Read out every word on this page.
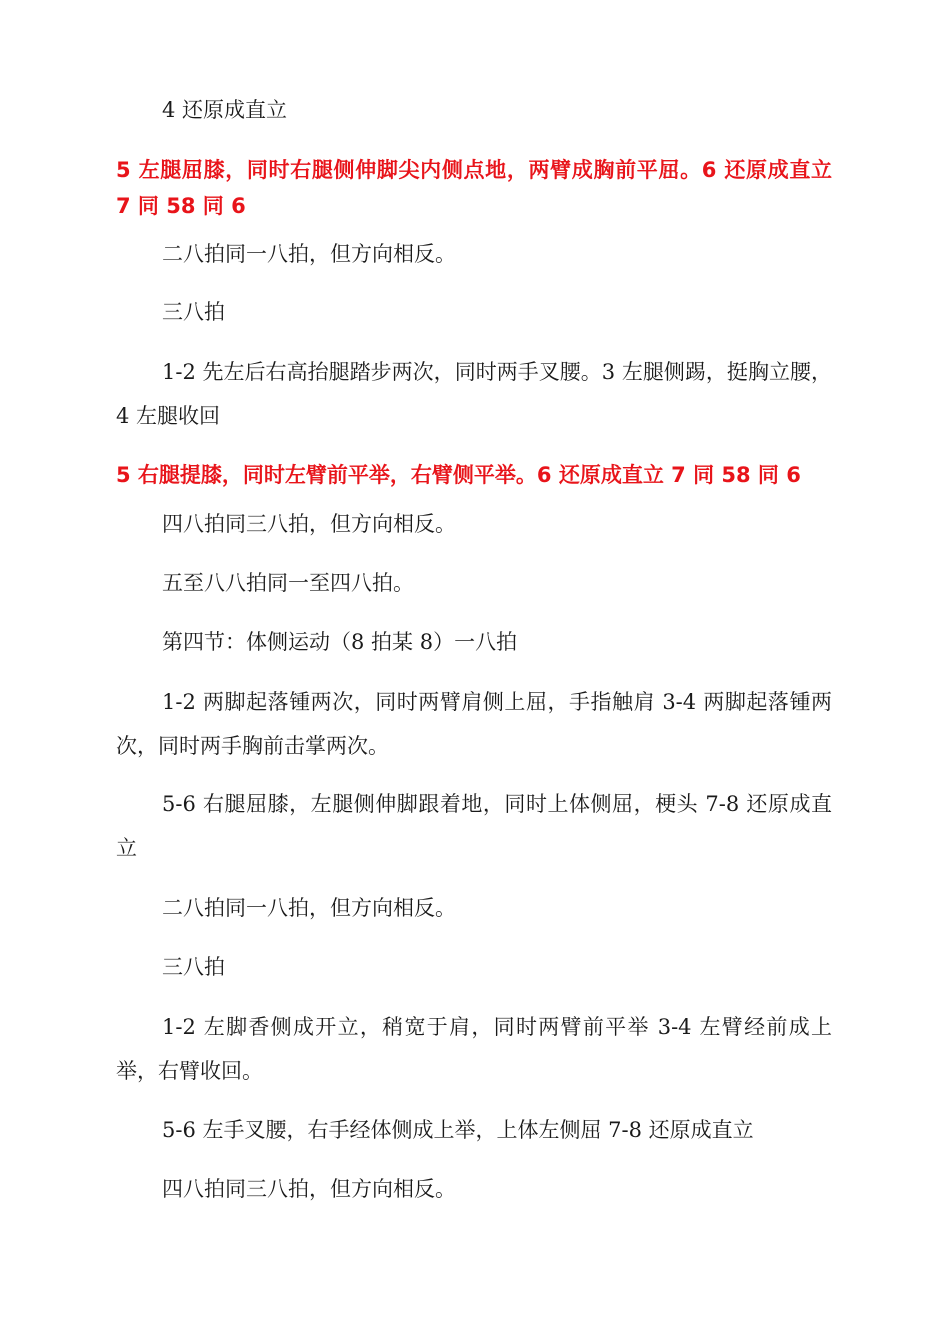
4 还原成直立

5 左腿屈膝，同时右腿侧伸脚尖内侧点地，两臂成胸前平屈。6 还原成直立 7 同 58 同 6

二八拍同一八拍，但方向相反。

三八拍

1-2 先左后右高抬腿踏步两次，同时两手叉腰。3 左腿侧踢，挺胸立腰，4 左腿收回

5 右腿提膝，同时左臂前平举，右臂侧平举。6 还原成直立 7 同 58 同 6

四八拍同三八拍，但方向相反。

五至八八拍同一至四八拍。

第四节：体侧运动（8 拍某 8）一八拍

1-2 两脚起落锺两次，同时两臂肩侧上屈，手指触肩 3-4 两脚起落锺两次，同时两手胸前击掌两次。

5-6 右腿屈膝，左腿侧伸脚跟着地，同时上体侧屈，梗头 7-8 还原成直立

二八拍同一八拍，但方向相反。

三八拍

1-2 左脚香侧成开立，稍宽于肩，同时两臂前平举 3-4 左臂经前成上举，右臂收回。

5-6 左手叉腰，右手经体侧成上举，上体左侧屈 7-8 还原成直立

四八拍同三八拍，但方向相反。
